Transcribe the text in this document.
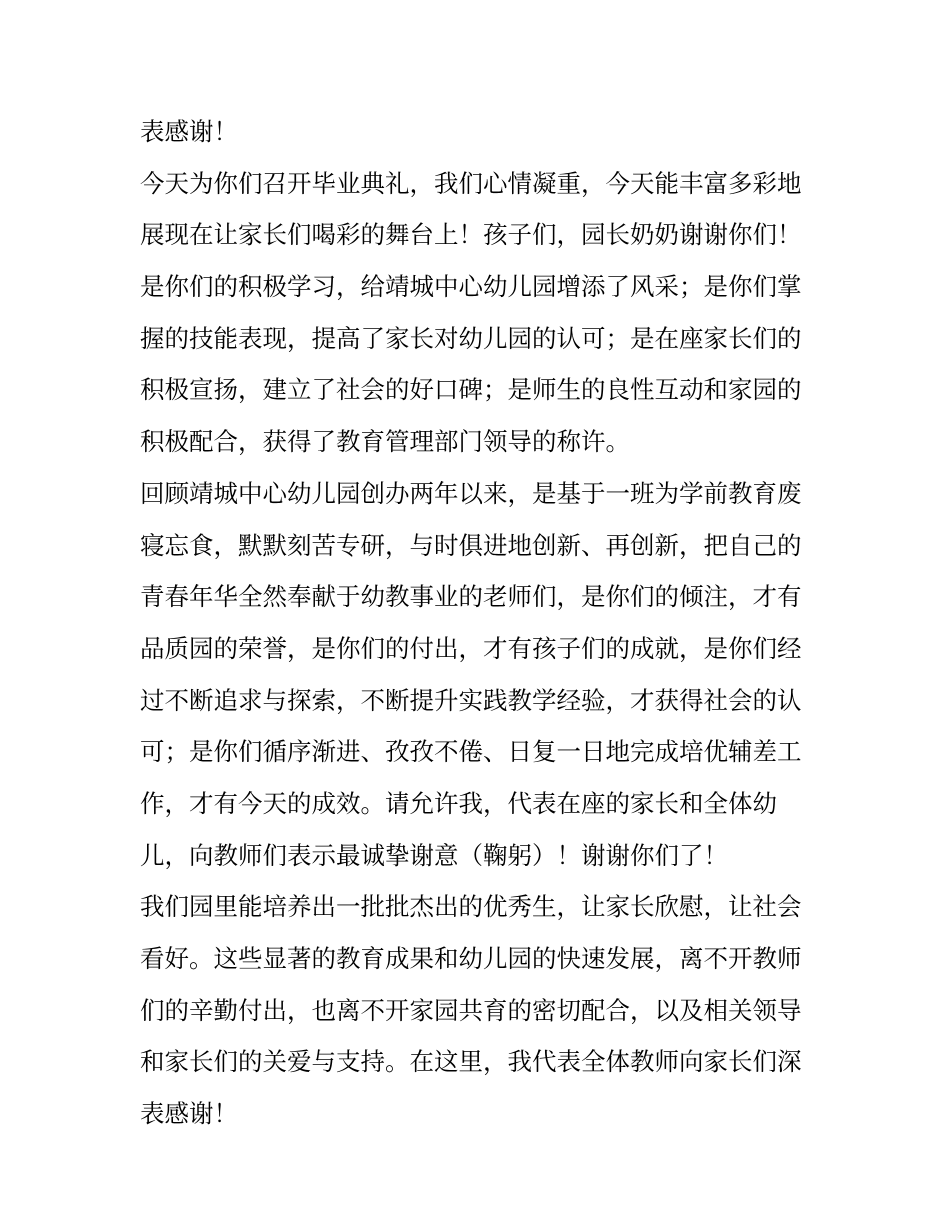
表感谢！
今天为你们召开毕业典礼，我们心情凝重，今天能丰富多彩地
展现在让家长们喝彩的舞台上！孩子们，园长奶奶谢谢你们！
是你们的积极学习，给靖城中心幼儿园增添了风采；是你们掌
握的技能表现，提高了家长对幼儿园的认可；是在座家长们的
积极宣扬，建立了社会的好口碑；是师生的良性互动和家园的
积极配合，获得了教育管理部门领导的称许。
回顾靖城中心幼儿园创办两年以来，是基于一班为学前教育废
寝忘食，默默刻苦专研，与时俱进地创新、再创新，把自己的
青春年华全然奉献于幼教事业的老师们，是你们的倾注，才有
品质园的荣誉，是你们的付出，才有孩子们的成就，是你们经
过不断追求与探索，不断提升实践教学经验，才获得社会的认
可；是你们循序渐进、孜孜不倦、日复一日地完成培优辅差工
作，才有今天的成效。请允许我，代表在座的家长和全体幼
儿，向教师们表示最诚挚谢意（鞠躬）！谢谢你们了！
我们园里能培养出一批批杰出的优秀生，让家长欣慰，让社会
看好。这些显著的教育成果和幼儿园的快速发展，离不开教师
们的辛勤付出，也离不开家园共育的密切配合，以及相关领导
和家长们的关爱与支持。在这里，我代表全体教师向家长们深
表感谢！
